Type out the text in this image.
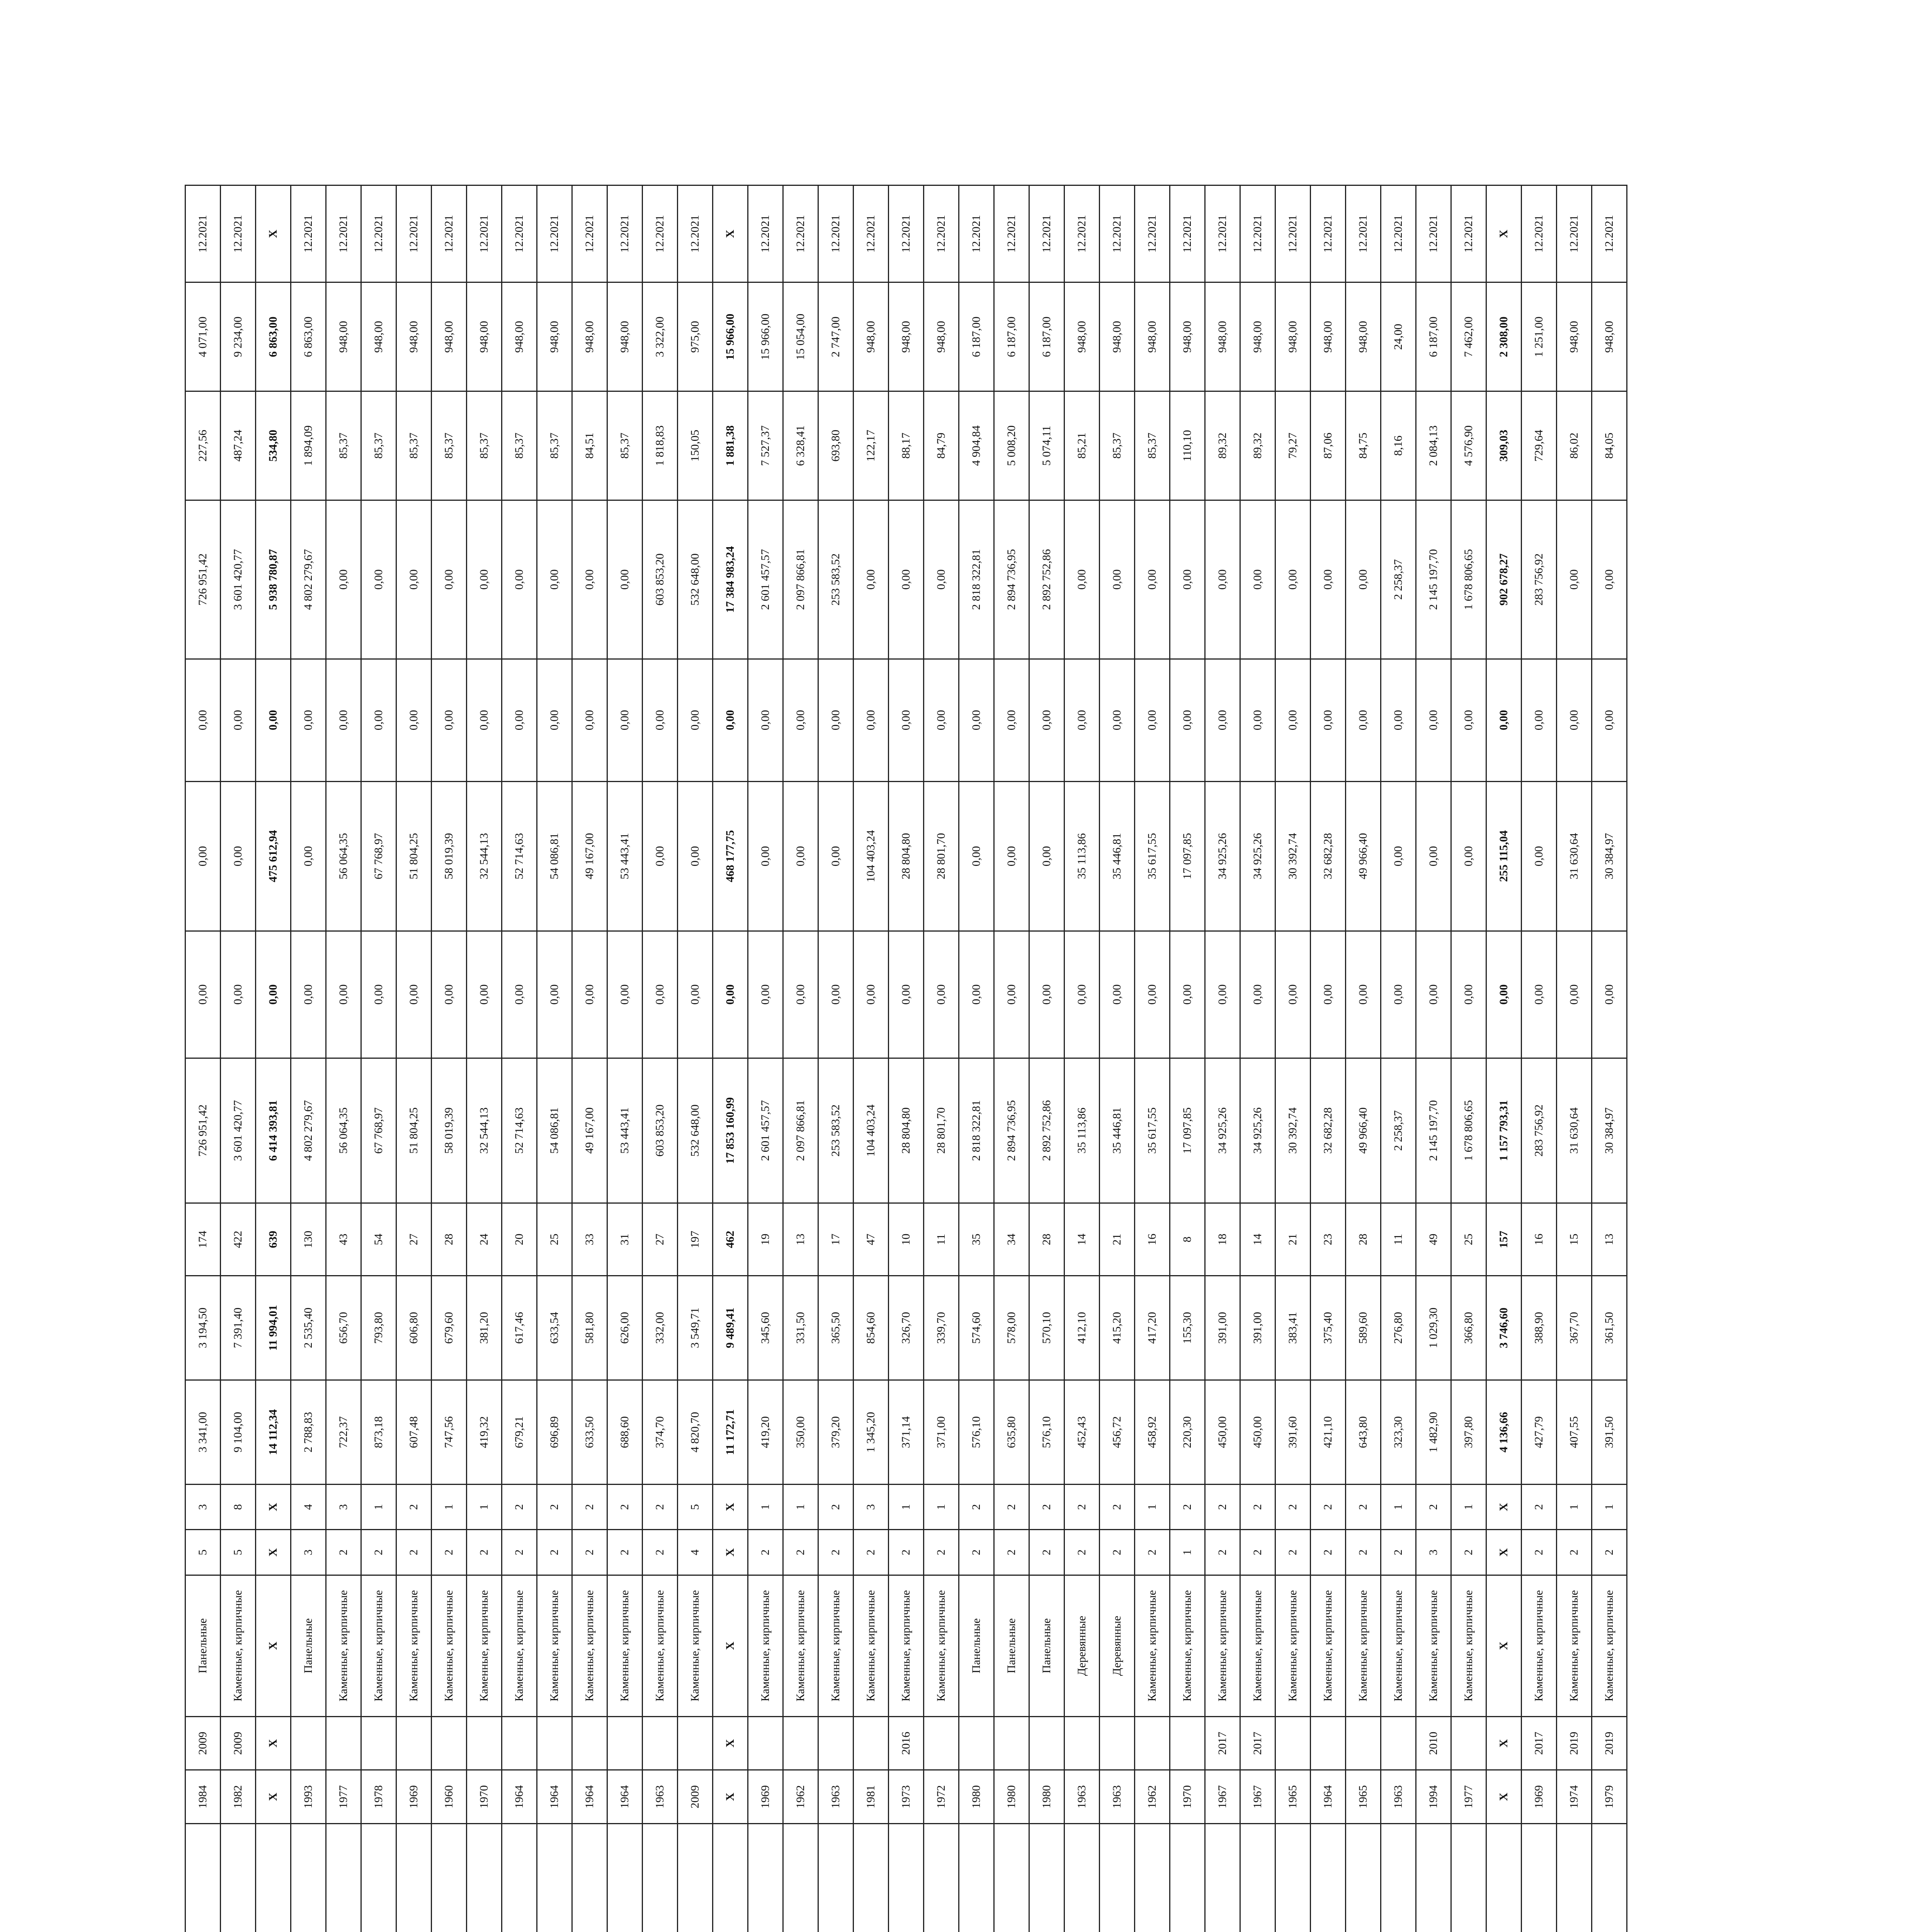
		1984	2009	Панельные	5	3	3 341,00	3 194,50	174	726 951,42	0,00	0,00	0,00	726 951,42	227,56	4 071,00	12.2021
		1982	2009	Каменные, кирпичные	5	8	9 104,00	7 391,40	422	3 601 420,77	0,00	0,00	0,00	3 601 420,77	487,24	9 234,00	12.2021
	X	X	X	X	X	14 112,34	11 994,01	639	6 414 393,81	0,00	475 612,94	0,00	5 938 780,87	534,80	6 863,00	X
		1993		Панельные	3	4	2 788,83	2 535,40	130	4 802 279,67	0,00	0,00	0,00	4 802 279,67	1 894,09	6 863,00	12.2021
		1977		Каменные, кирпичные	2	3	722,37	656,70	43	56 064,35	0,00	56 064,35	0,00	0,00	85,37	948,00	12.2021
		1978		Каменные, кирпичные	2	1	873,18	793,80	54	67 768,97	0,00	67 768,97	0,00	0,00	85,37	948,00	12.2021
		1969		Каменные, кирпичные	2	2	607,48	606,80	27	51 804,25	0,00	51 804,25	0,00	0,00	85,37	948,00	12.2021
		1960		Каменные, кирпичные	2	1	747,56	679,60	28	58 019,39	0,00	58 019,39	0,00	0,00	85,37	948,00	12.2021
		1970		Каменные, кирпичные	2	1	419,32	381,20	24	32 544,13	0,00	32 544,13	0,00	0,00	85,37	948,00	12.2021
		1964		Каменные, кирпичные	2	2	679,21	617,46	20	52 714,63	0,00	52 714,63	0,00	0,00	85,37	948,00	12.2021
		1964		Каменные, кирпичные	2	2	696,89	633,54	25	54 086,81	0,00	54 086,81	0,00	0,00	85,37	948,00	12.2021
		1964		Каменные, кирпичные	2	2	633,50	581,80	33	49 167,00	0,00	49 167,00	0,00	0,00	84,51	948,00	12.2021
		1964		Каменные, кирпичные	2	2	688,60	626,00	31	53 443,41	0,00	53 443,41	0,00	0,00	85,37	948,00	12.2021
		1963		Каменные, кирпичные	2	2	374,70	332,00	27	603 853,20	0,00	0,00	0,00	603 853,20	1 818,83	3 322,00	12.2021
		2009		Каменные, кирпичные	4	5	4 820,70	3 549,71	197	532 648,00	0,00	0,00	0,00	532 648,00	150,05	975,00	12.2021
	X	X	X	X	X	11 172,71	9 489,41	462	17 853 160,99	0,00	468 177,75	0,00	17 384 983,24	1 881,38	15 966,00	X
		1969		Каменные, кирпичные	2	1	419,20	345,60	19	2 601 457,57	0,00	0,00	0,00	2 601 457,57	7 527,37	15 966,00	12.2021
		1962		Каменные, кирпичные	2	1	350,00	331,50	13	2 097 866,81	0,00	0,00	0,00	2 097 866,81	6 328,41	15 054,00	12.2021
		1963		Каменные, кирпичные	2	2	379,20	365,50	17	253 583,52	0,00	0,00	0,00	253 583,52	693,80	2 747,00	12.2021
		1981		Каменные, кирпичные	2	3	1 345,20	854,60	47	104 403,24	0,00	104 403,24	0,00	0,00	122,17	948,00	12.2021
		1973	2016	Каменные, кирпичные	2	1	371,14	326,70	10	28 804,80	0,00	28 804,80	0,00	0,00	88,17	948,00	12.2021
		1972		Каменные, кирпичные	2	1	371,00	339,70	11	28 801,70	0,00	28 801,70	0,00	0,00	84,79	948,00	12.2021
		1980		Панельные	2	2	576,10	574,60	35	2 818 322,81	0,00	0,00	0,00	2 818 322,81	4 904,84	6 187,00	12.2021
		1980		Панельные	2	2	635,80	578,00	34	2 894 736,95	0,00	0,00	0,00	2 894 736,95	5 008,20	6 187,00	12.2021
		1980		Панельные	2	2	576,10	570,10	28	2 892 752,86	0,00	0,00	0,00	2 892 752,86	5 074,11	6 187,00	12.2021
		1963		Деревянные	2	2	452,43	412,10	14	35 113,86	0,00	35 113,86	0,00	0,00	85,21	948,00	12.2021
		1963		Деревянные	2	2	456,72	415,20	21	35 446,81	0,00	35 446,81	0,00	0,00	85,37	948,00	12.2021
		1962		Каменные, кирпичные	2	1	458,92	417,20	16	35 617,55	0,00	35 617,55	0,00	0,00	85,37	948,00	12.2021
		1970		Каменные, кирпичные	1	2	220,30	155,30	8	17 097,85	0,00	17 097,85	0,00	0,00	110,10	948,00	12.2021
		1967	2017	Каменные, кирпичные	2	2	450,00	391,00	18	34 925,26	0,00	34 925,26	0,00	0,00	89,32	948,00	12.2021
		1967	2017	Каменные, кирпичные	2	2	450,00	391,00	14	34 925,26	0,00	34 925,26	0,00	0,00	89,32	948,00	12.2021
		1965		Каменные, кирпичные	2	2	391,60	383,41	21	30 392,74	0,00	30 392,74	0,00	0,00	79,27	948,00	12.2021
		1964		Каменные, кирпичные	2	2	421,10	375,40	23	32 682,28	0,00	32 682,28	0,00	0,00	87,06	948,00	12.2021
		1965		Каменные, кирпичные	2	2	643,80	589,60	28	49 966,40	0,00	49 966,40	0,00	0,00	84,75	948,00	12.2021
		1963		Каменные, кирпичные	2	1	323,30	276,80	11	2 258,37	0,00	0,00	0,00	2 258,37	8,16	24,00	12.2021
		1994	2010	Каменные, кирпичные	3	2	1 482,90	1 029,30	49	2 145 197,70	0,00	0,00	0,00	2 145 197,70	2 084,13	6 187,00	12.2021
		1977		Каменные, кирпичные	2	1	397,80	366,80	25	1 678 806,65	0,00	0,00	0,00	1 678 806,65	4 576,90	7 462,00	12.2021
	X	X	X	X	X	4 136,66	3 746,60	157	1 157 793,31	0,00	255 115,04	0,00	902 678,27	309,03	2 308,00	X
		1969	2017	Каменные, кирпичные	2	2	427,79	388,90	16	283 756,92	0,00	0,00	0,00	283 756,92	729,64	1 251,00	12.2021
		1974	2019	Каменные, кирпичные	2	1	407,55	367,70	15	31 630,64	0,00	31 630,64	0,00	0,00	86,02	948,00	12.2021
		1979	2019	Каменные, кирпичные	2	1	391,50	361,50	13	30 384,97	0,00	30 384,97	0,00	0,00	84,05	948,00	12.2021
